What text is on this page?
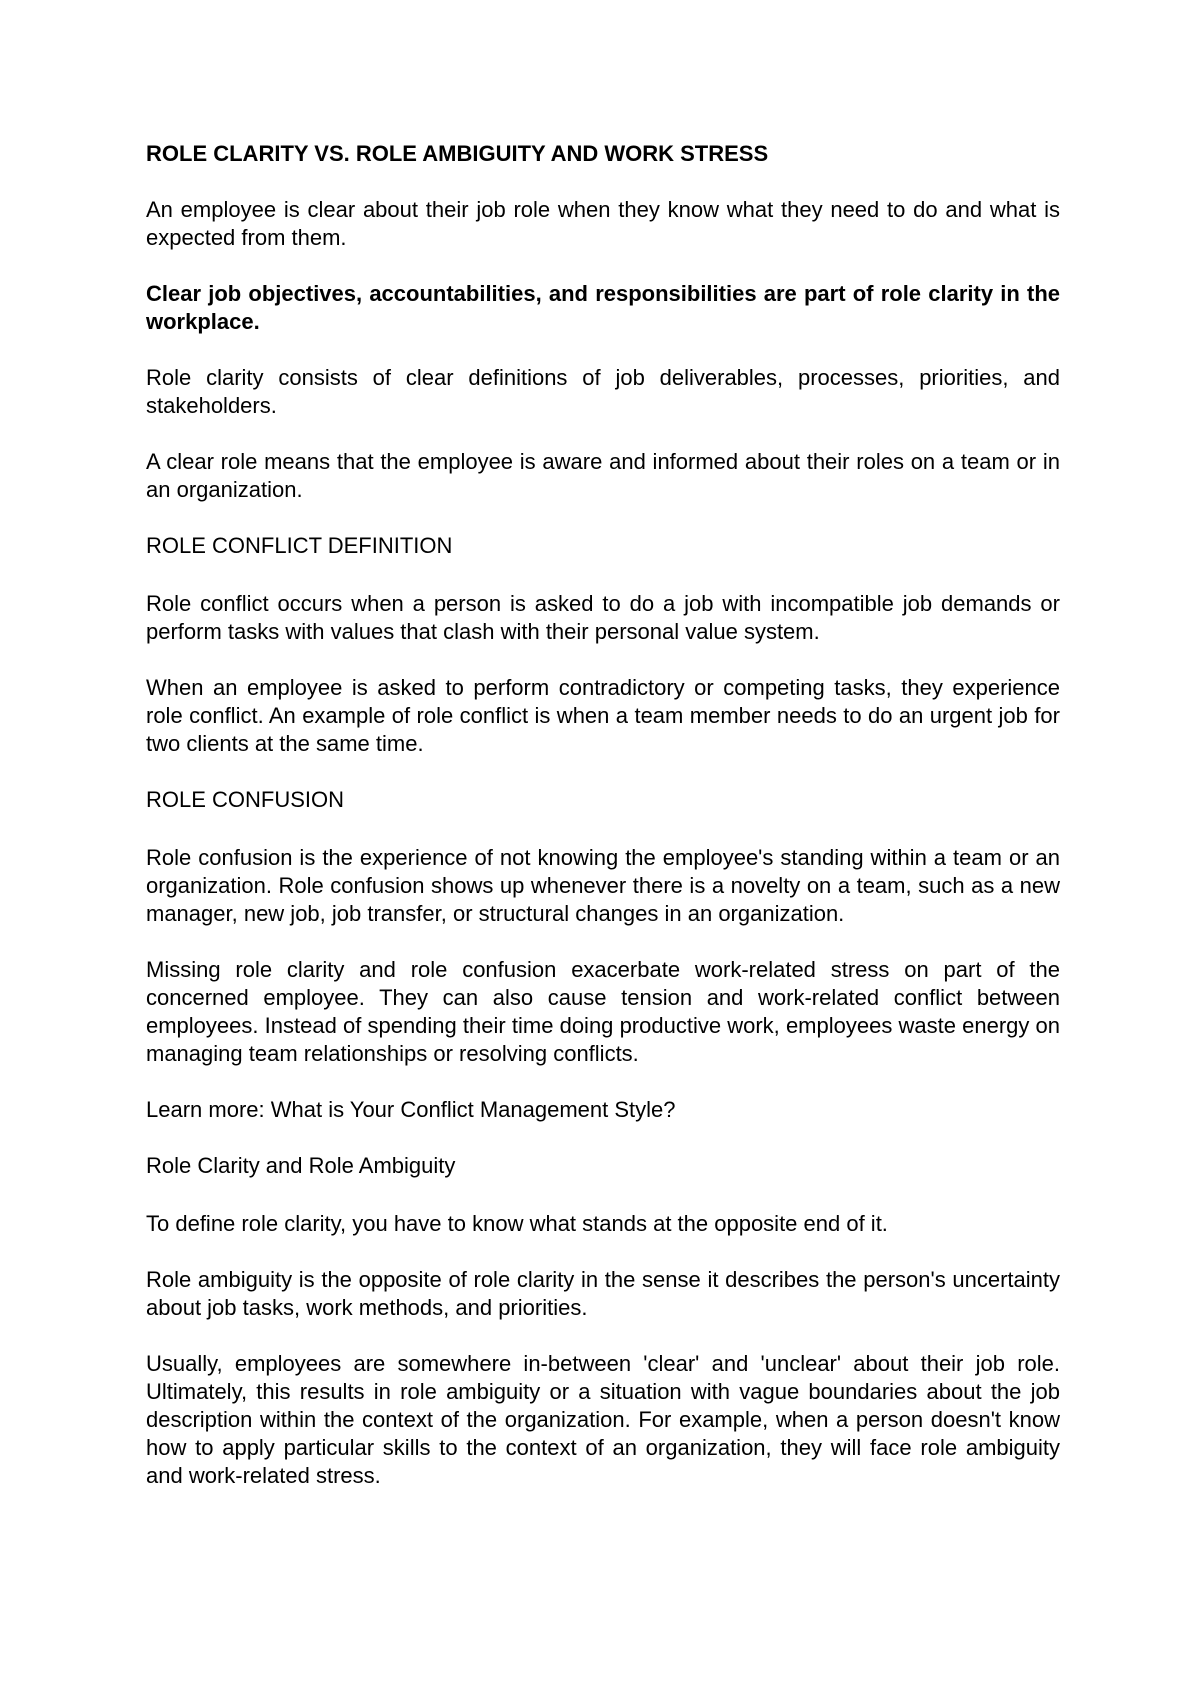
ROLE CLARITY VS. ROLE AMBIGUITY AND WORK STRESS

An employee is clear about their job role when they know what they need to do and what is expected from them.

Clear job objectives, accountabilities, and responsibilities are part of role clarity in the workplace.

Role clarity consists of clear definitions of job deliverables, processes, priorities, and stakeholders.

A clear role means that the employee is aware and informed about their roles on a team or in an organization.

ROLE CONFLICT DEFINITION

Role conflict occurs when a person is asked to do a job with incompatible job demands or perform tasks with values that clash with their personal value system.

When an employee is asked to perform contradictory or competing tasks, they experience role conflict. An example of role conflict is when a team member needs to do an urgent job for two clients at the same time.

ROLE CONFUSION

Role confusion is the experience of not knowing the employee's standing within a team or an organization. Role confusion shows up whenever there is a novelty on a team, such as a new manager, new job, job transfer, or structural changes in an organization.

Missing role clarity and role confusion exacerbate work-related stress on part of the concerned employee. They can also cause tension and work-related conflict between employees. Instead of spending their time doing productive work, employees waste energy on managing team relationships or resolving conflicts.

Learn more: What is Your Conflict Management Style?

Role Clarity and Role Ambiguity

To define role clarity, you have to know what stands at the opposite end of it.

Role ambiguity is the opposite of role clarity in the sense it describes the person's uncertainty about job tasks, work methods, and priorities.

Usually, employees are somewhere in-between 'clear' and 'unclear' about their job role. Ultimately, this results in role ambiguity or a situation with vague boundaries about the job description within the context of the organization. For example, when a person doesn't know how to apply particular skills to the context of an organization, they will face role ambiguity and work-related stress.
